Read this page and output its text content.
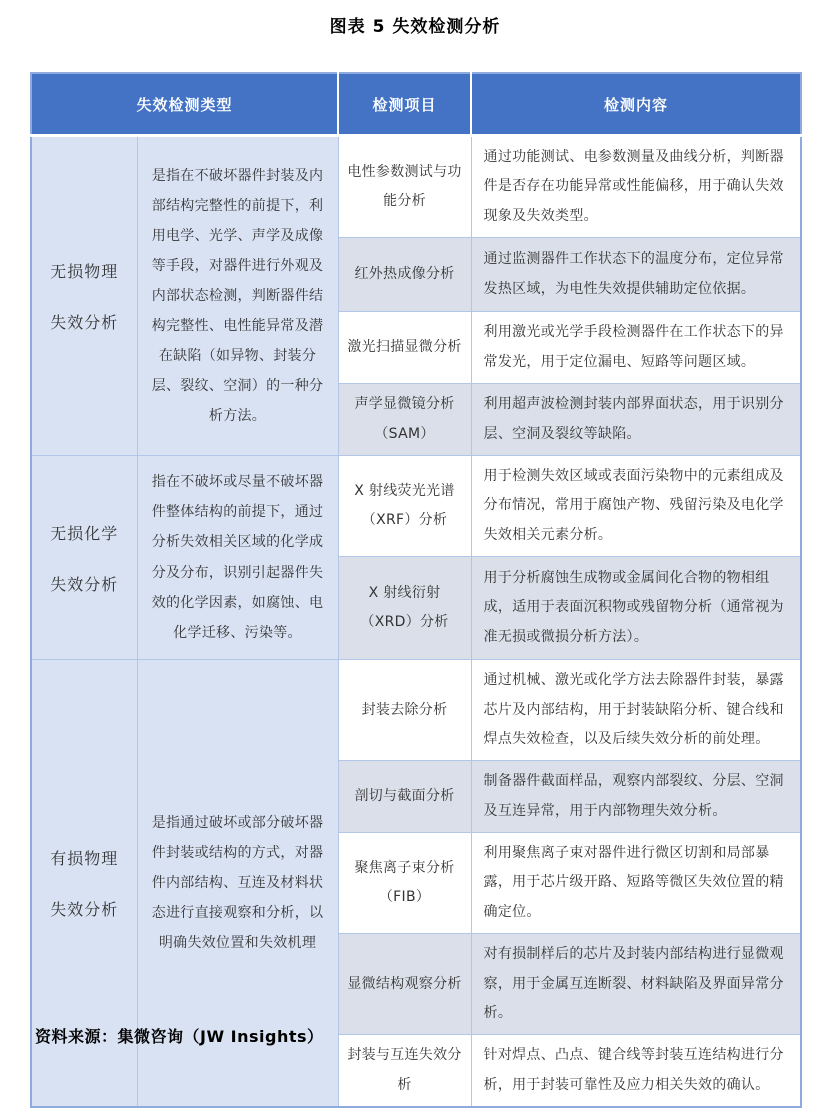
图表 5 失效检测分析
失效检测类型		检测项目	检测内容

无损物理
失效分析	是指在不破坏器件封装及内部结构完整性的前提下，利用电学、光学、声学及成像等手段，对器件进行外观及内部状态检测，判断器件结构完整性、电性能异常及潜在缺陷（如异物、封装分层、裂纹、空洞）的一种分析方法。	电性参数测试与功能分析	通过功能测试、电参数测量及曲线分析，判断器件是否存在功能异常或性能偏移，用于确认失效现象及失效类型。
		红外热成像分析	通过监测器件工作状态下的温度分布，定位异常发热区域，为电性失效提供辅助定位依据。
		激光扫描显微分析	利用激光或光学手段检测器件在工作状态下的异常发光，用于定位漏电、短路等问题区域。
		声学显微镜分析（SAM）	利用超声波检测封装内部界面状态，用于识别分层、空洞及裂纹等缺陷。

无损化学
失效分析	指在不破坏或尽量不破坏器件整体结构的前提下，通过分析失效相关区域的化学成分及分布，识别引起器件失效的化学因素，如腐蚀、电化学迁移、污染等。	X 射线荧光光谱（XRF）分析	用于检测失效区域或表面污染物中的元素组成及分布情况，常用于腐蚀产物、残留污染及电化学失效相关元素分析。
		X 射线衍射（XRD）分析	用于分析腐蚀生成物或金属间化合物的物相组成，适用于表面沉积物或残留物分析（通常视为准无损或微损分析方法）。

有损物理
失效分析	是指通过破坏或部分破坏器件封装或结构的方式，对器件内部结构、互连及材料状态进行直接观察和分析，以明确失效位置和失效机理	封装去除分析	通过机械、激光或化学方法去除器件封装，暴露芯片及内部结构，用于封装缺陷分析、键合线和焊点失效检查，以及后续失效分析的前处理。
		剖切与截面分析	制备器件截面样品，观察内部裂纹、分层、空洞及互连异常，用于内部物理失效分析。
		聚焦离子束分析（FIB）	利用聚焦离子束对器件进行微区切割和局部暴露，用于芯片级开路、短路等微区失效位置的精确定位。
		显微结构观察分析	对有损制样后的芯片及封装内部结构进行显微观察，用于金属互连断裂、材料缺陷及界面异常分析。
		封装与互连失效分析	针对焊点、凸点、键合线等封装互连结构进行分析，用于封装可靠性及应力相关失效的确认。
资料来源：集微咨询（JW Insights）
